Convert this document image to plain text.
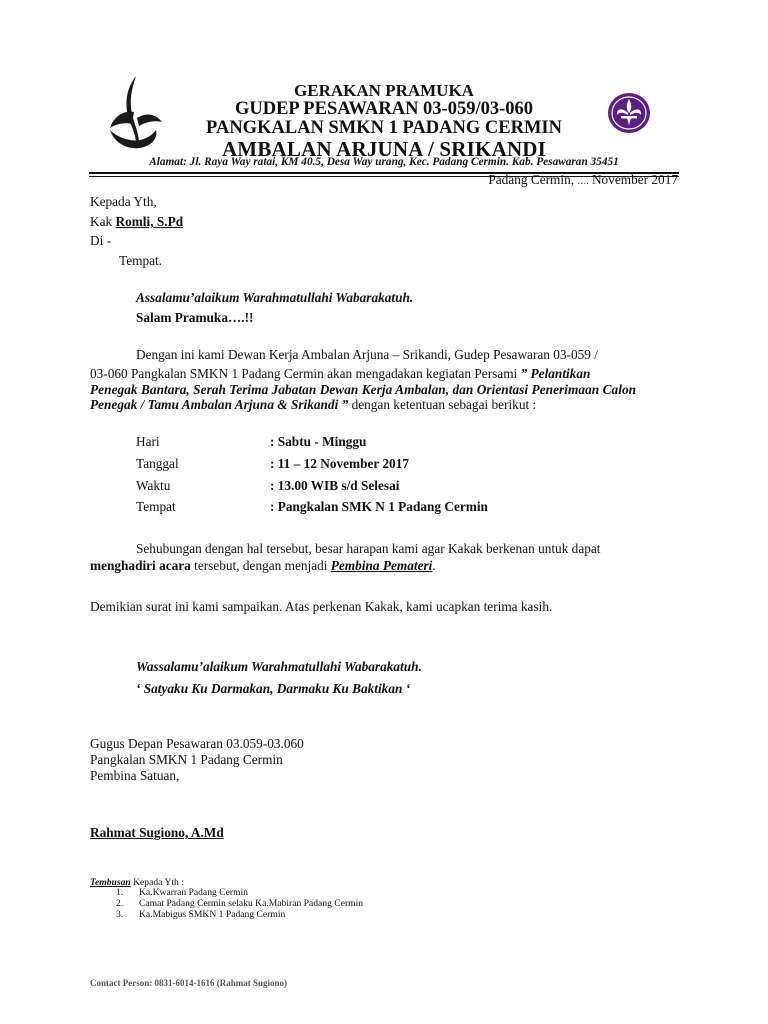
GERAKAN PRAMUKA
GUDEP PESAWARAN 03-059/03-060
PANGKALAN SMKN 1 PADANG CERMIN
AMBALAN ARJUNA / SRIKANDI
Alamat: Jl. Raya Way ratai, KM 40.5, Desa Way urang, Kec. Padang Cermin. Kab. Pesawaran 35451
Padang Cermin, …. November 2017
Kepada Yth,
Kak Romli, S.Pd
Di -
Tempat.
Assalamu’alaikum Warahmatullahi Wabarakatuh.
Salam Pramuka….!!
Dengan ini kami Dewan Kerja Ambalan Arjuna – Srikandi, Gudep Pesawaran 03-059 /
03-060 Pangkalan SMKN 1 Padang Cermin akan mengadakan kegiatan Persami ” Pelantikan
Penegak Bantara, Serah Terima Jabatan Dewan Kerja Ambalan, dan Orientasi Penerimaan Calon
Penegak / Tamu Ambalan Arjuna & Srikandi ” dengan ketentuan sebagai berikut :
Hari	: Sabtu - Minggu
Tanggal	: 11 – 12 November 2017
Waktu	: 13.00 WIB s/d Selesai
Tempat	: Pangkalan SMK N 1 Padang Cermin
Sehubungan dengan hal tersebut, besar harapan kami agar Kakak berkenan untuk dapat
menghadiri acara tersebut, dengan menjadi Pembina Pemateri.
Demikian surat ini kami sampaikan. Atas perkenan Kakak, kami ucapkan terima kasih.
Wassalamu’alaikum Warahmatullahi Wabarakatuh.
‘ Satyaku Ku Darmakan, Darmaku Ku Baktikan ‘
Gugus Depan Pesawaran 03.059-03.060
Pangkalan SMKN 1 Padang Cermin
Pembina Satuan,
Rahmat Sugiono, A.Md
Tembusan Kepada Yth :
1. Ka.Kwarran Padang Cermin
2. Camat Padang Cermin selaku Ka.Mabiran Padang Cermin
3. Ka.Mabigus SMKN 1 Padang Cermin
Contact Person: 0831-6014-1616 (Rahmat Sugiono)
